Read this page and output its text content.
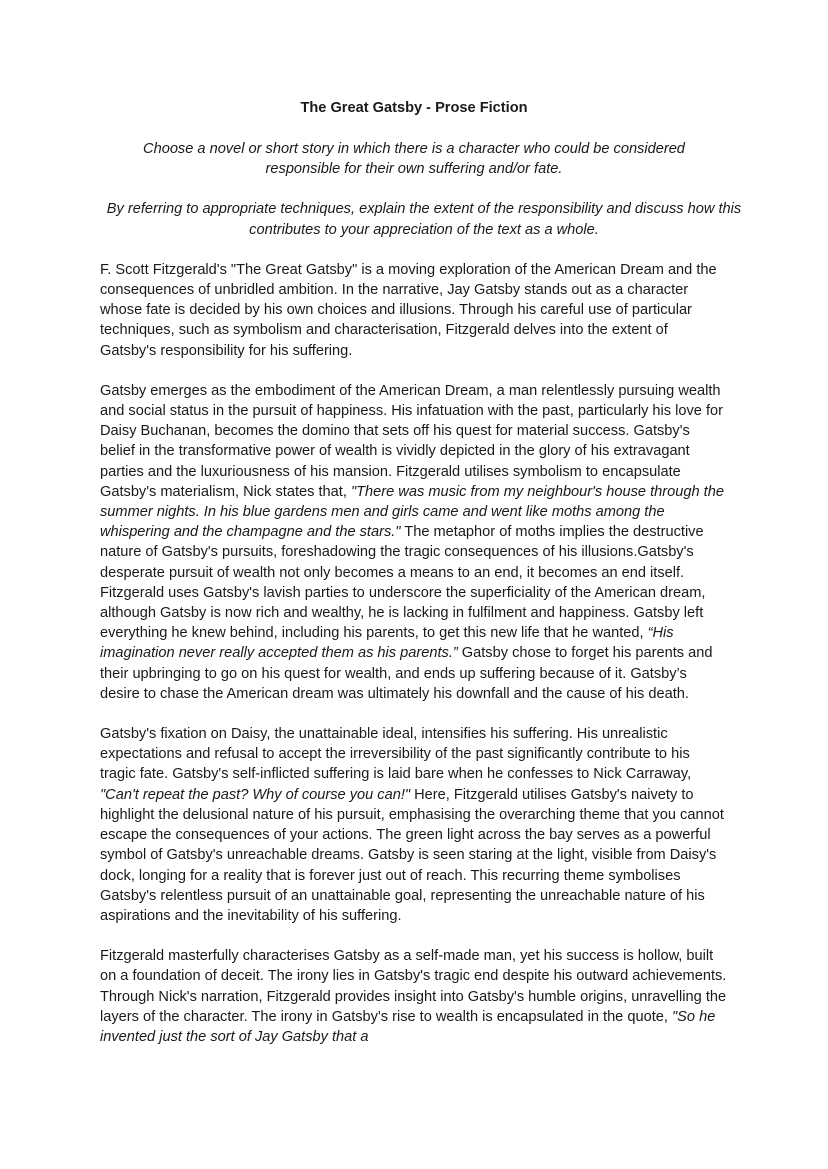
The Great Gatsby - Prose Fiction
Choose a novel or short story in which there is a character who could be considered responsible for their own suffering and/or fate.
By referring to appropriate techniques, explain the extent of the responsibility and discuss how this contributes to your appreciation of the text as a whole.

F. Scott Fitzgerald's "The Great Gatsby" is a moving exploration of the American Dream and the consequences of unbridled ambition. In the narrative, Jay Gatsby stands out as a character whose fate is decided by his own choices and illusions. Through his careful use of particular techniques, such as symbolism and characterisation, Fitzgerald delves into the extent of Gatsby's responsibility for his suffering.

Gatsby emerges as the embodiment of the American Dream, a man relentlessly pursuing wealth and social status in the pursuit of happiness. His infatuation with the past, particularly his love for Daisy Buchanan, becomes the domino that sets off his quest for material success. Gatsby's belief in the transformative power of wealth is vividly depicted in the glory of his extravagant parties and the luxuriousness of his mansion. Fitzgerald utilises symbolism to encapsulate Gatsby's materialism, Nick states that, "There was music from my neighbour's house through the summer nights. In his blue gardens men and girls came and went like moths among the whispering and the champagne and the stars." The metaphor of moths implies the destructive nature of Gatsby's pursuits, foreshadowing the tragic consequences of his illusions.Gatsby's desperate pursuit of wealth not only becomes a means to an end, it becomes an end itself. Fitzgerald uses Gatsby's lavish parties to underscore the superficiality of the American dream, although Gatsby is now rich and wealthy, he is lacking in fulfilment and happiness. Gatsby left everything he knew behind, including his parents, to get this new life that he wanted, “His imagination never really accepted them as his parents.” Gatsby chose to forget his parents and their upbringing to go on his quest for wealth, and ends up suffering because of it. Gatsby’s desire to chase the American dream was ultimately his downfall and the cause of his death.

Gatsby's fixation on Daisy, the unattainable ideal, intensifies his suffering. His unrealistic expectations and refusal to accept the irreversibility of the past significantly contribute to his tragic fate. Gatsby's self-inflicted suffering is laid bare when he confesses to Nick Carraway, "Can't repeat the past? Why of course you can!" Here, Fitzgerald utilises Gatsby's naivety to highlight the delusional nature of his pursuit, emphasising the overarching theme that you cannot escape the consequences of your actions. The green light across the bay serves as a powerful symbol of Gatsby's unreachable dreams. Gatsby is seen staring at the light, visible from Daisy's dock, longing for a reality that is forever just out of reach. This recurring theme symbolises Gatsby's relentless pursuit of an unattainable goal, representing the unreachable nature of his aspirations and the inevitability of his suffering.

Fitzgerald masterfully characterises Gatsby as a self-made man, yet his success is hollow, built on a foundation of deceit. The irony lies in Gatsby's tragic end despite his outward achievements. Through Nick's narration, Fitzgerald provides insight into Gatsby's humble origins, unravelling the layers of the character. The irony in Gatsby's rise to wealth is encapsulated in the quote, "So he invented just the sort of Jay Gatsby that a
